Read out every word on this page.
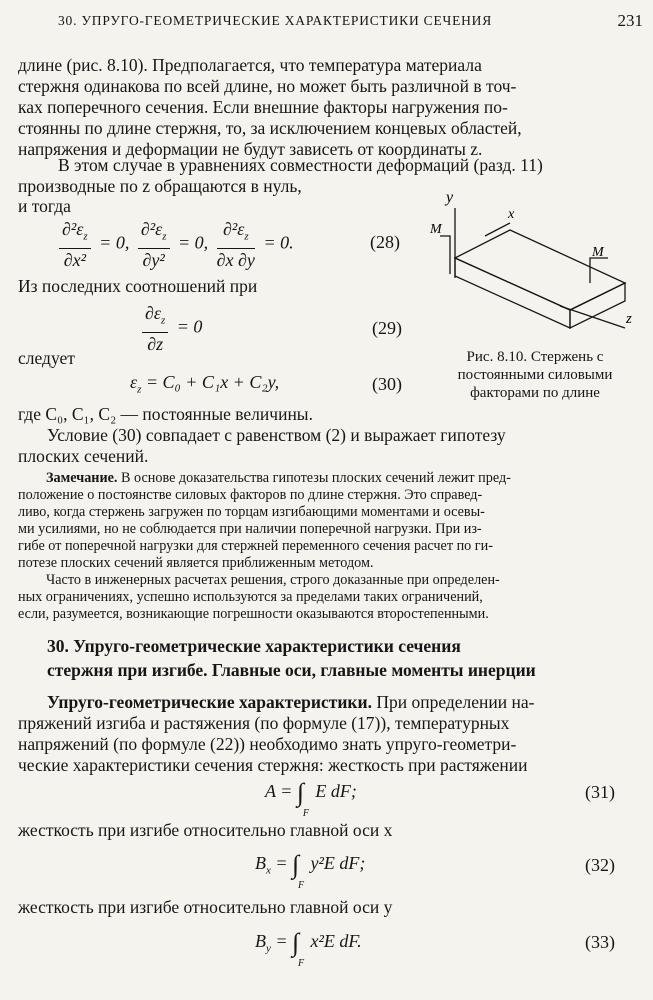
30. УПРУГО-ГЕОМЕТРИЧЕСКИЕ ХАРАКТЕРИСТИКИ СЕЧЕНИЯ	231
длине (рис. 8.10). Предполагается, что температура материала
стержня одинакова по всей длине, но может быть различной в точ-
ках поперечного сечения. Если внешние факторы нагружения по-
стоянны по длине стержня, то, за исключением концевых областей,
напряжения и деформации не будут зависеть от координаты z.
В этом случае в уравнениях совместности деформаций (разд. 11)
производные по z обращаются в нуль,
и тогда
$\frac{\partial^2\varepsilon_z}{\text{∂x²}} = 0$, $\frac{\partial^2\varepsilon_z}{\text{∂y²}} = 0$, $\frac{\partial^2\varepsilon_z}{\partial x \partial y} = 0$.	(28)
Из последних соотношений при
$\frac{\partial\varepsilon_z}{\partial z} = 0$	(29)
следует
$\varepsilon_z = C_0 + C_1x + C_2y$,	(30)
где C₀, C₁, C₂ — постоянные величины.
Условие (30) совпадает с равенством (2) и выражает гипотезу
плоских сечений.
y
x
M
M
z
Рис. 8.10. Стержень с
постоянными силовыми
факторами по длине
Замечание. В основе доказательства гипотезы плоских сечений лежит пред-
положение о постоянстве силовых факторов по длине стержня. Это справед-
ливо, когда стержень загружен по торцам изгибающими моментами и осевы-
ми усилиями, но не соблюдается при наличии поперечной нагрузки. При из-
гибе от поперечной нагрузки для стержней переменного сечения расчет по ги-
потезе плоских сечений является приближенным методом.
Часто в инженерных расчетах решения, строго доказанные при определен-
ных ограничениях, успешно используются за пределами таких ограничений,
если, разумеется, возникающие погрешности оказываются второстепенными.
30. Упруго-геометрические характеристики сечения
стержня при изгибе. Главные оси, главные моменты инерции
Упруго-геометрические характеристики. При определении на-
пряжений изгиба и растяжения (по формуле (17)), температурных
напряжений (по формуле (22)) необходимо знать упруго-геометри-
ческие характеристики сечения стержня: жесткость при растяжении
A = ∫
F
E dF;	(31)
жесткость при изгибе относительно главной оси x
$B_x$ = ∫
F
y²E dF;	(32)
жесткость при изгибе относительно главной оси y
$B_y$ = ∫
F
x²E dF.	(33)
